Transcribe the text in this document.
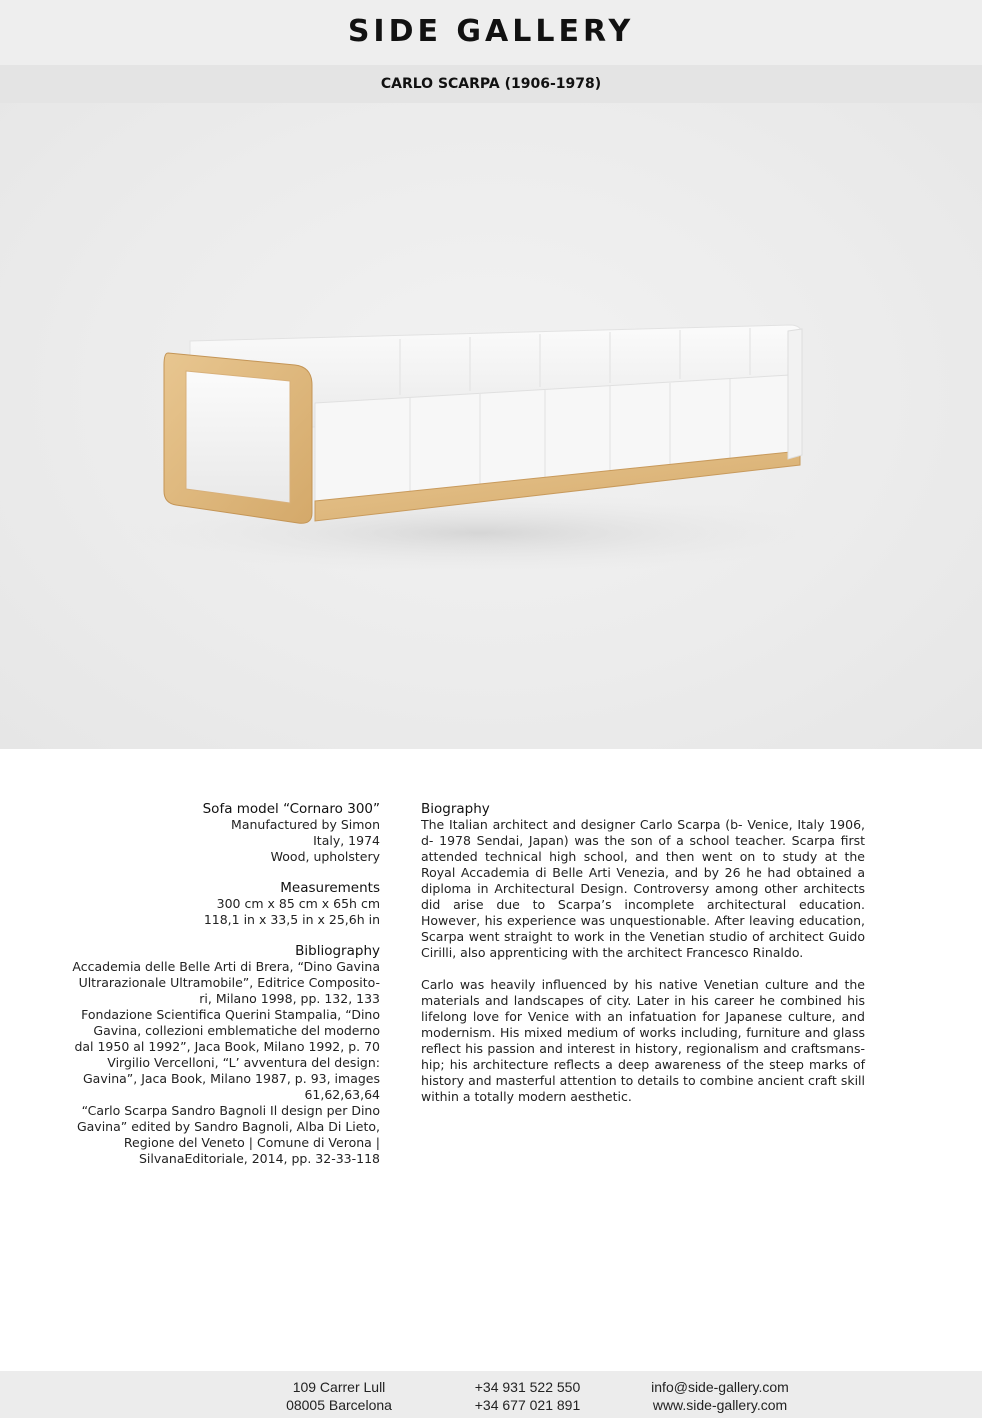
SIDE GALLERY
CARLO SCARPA (1906-1978)
Sofa model “Cornaro 300”
Manufactured by Simon
Italy, 1974
Wood, upholstery
Measurements
300 cm x 85 cm x 65h cm
118,1 in x 33,5 in x 25,6h in
Bibliography
Accademia delle Belle Arti di Brera, “Dino Gavina
Ultrarazionale Ultramobile”, Editrice Composito-
ri, Milano 1998, pp. 132, 133
Fondazione Scientifica Querini Stampalia, “Dino
Gavina, collezioni emblematiche del moderno
dal 1950 al 1992”, Jaca Book, Milano 1992, p. 70
Virgilio Vercelloni, “L’ avventura del design:
Gavina”, Jaca Book, Milano 1987, p. 93, images
61,62,63,64
“Carlo Scarpa Sandro Bagnoli Il design per Dino
Gavina” edited by Sandro Bagnoli, Alba Di Lieto,
Regione del Veneto | Comune di Verona |
SilvanaEditoriale, 2014, pp. 32-33-118
Biography

The Italian architect and designer Carlo Scarpa (b- Venice, Italy 1906, d- 1978 Sendai, Japan) was the son of a school teacher. Scarpa first attended technical high school, and then went on to study at the Royal Accademia di Belle Arti Venezia, and by 26 he had obtained a diploma in Architectural Design. Controversy among other architects did arise due to Scarpa’s incomplete architectural education. However, his experience was unquestionable. After leaving education, Scarpa went straight to work in the Venetian studio of architect Guido Cirilli, also apprenticing with the architect Francesco Rinaldo.

Carlo was heavily influenced by his native Venetian culture and the materials and landscapes of city. Later in his career he combined his lifelong love for Venice with an infatuation for Japanese culture, and modernism. His mixed medium of works including, furniture and glass reflect his passion and interest in history, regionalism and craftsmans-hip; his architecture reflects a deep awareness of the steep marks of history and masterful attention to details to combine ancient craft skill within a totally modern aesthetic.

109 Carrer Lull
08005 Barcelona
+34 931 522 550
+34 677 021 891
info@side-gallery.com
www.side-gallery.com
